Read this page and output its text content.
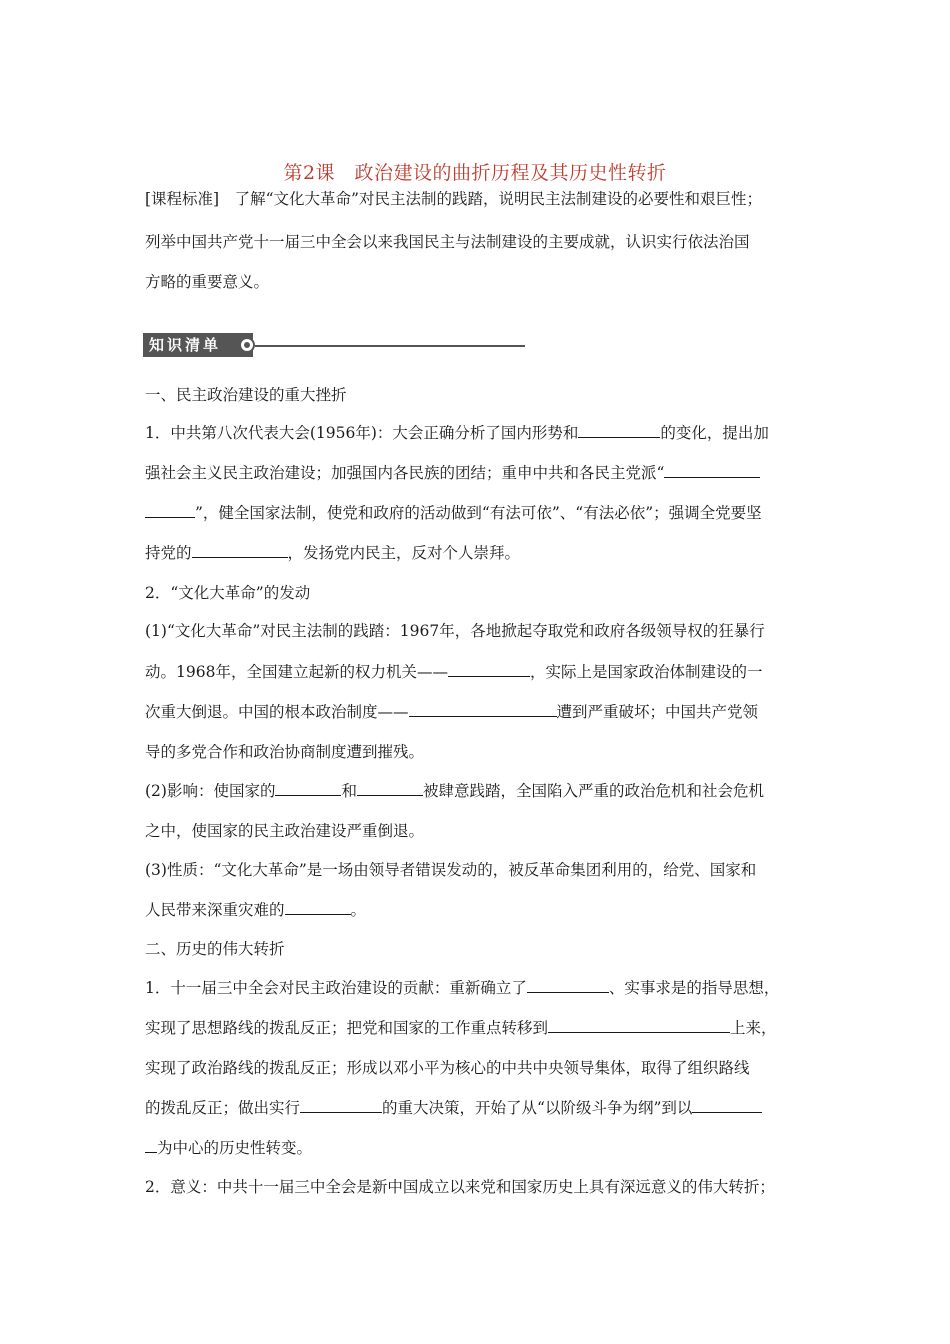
第2课　政治建设的曲折历程及其历史性转折
[课程标准]　了解“文化大革命”对民主法制的践踏，说明民主法制建设的必要性和艰巨性；
列举中国共产党十一届三中全会以来我国民主与法制建设的主要成就，认识实行依法治国
方略的重要意义。
知识清单
一、民主政治建设的重大挫折
1．中共第八次代表大会(1956年)：大会正确分析了国内形势和	的变化，提出加
强社会主义民主政治建设；加强国内各民族的团结；重申中共和各民主党派“
”，健全国家法制，使党和政府的活动做到“有法可依”、“有法必依”；强调全党要坚
持党的	，发扬党内民主，反对个人崇拜。
2．“文化大革命”的发动
(1)“文化大革命”对民主法制的践踏：1967年，各地掀起夺取党和政府各级领导权的狂暴行
动。1968年，全国建立起新的权力机关——	，实际上是国家政治体制建设的一
次重大倒退。中国的根本政治制度——	遭到严重破坏；中国共产党领
导的多党合作和政治协商制度遭到摧残。
(2)影响：使国家的	和	被肆意践踏，全国陷入严重的政治危机和社会危机
之中，使国家的民主政治建设严重倒退。
(3)性质：“文化大革命”是一场由领导者错误发动的，被反革命集团利用的，给党、国家和
人民带来深重灾难的	。
二、历史的伟大转折
1．十一届三中全会对民主政治建设的贡献：重新确立了	、实事求是的指导思想，
实现了思想路线的拨乱反正；把党和国家的工作重点转移到	上来，
实现了政治路线的拨乱反正；形成以邓小平为核心的中共中央领导集体，取得了组织路线
的拨乱反正；做出实行	的重大决策，开始了从“以阶级斗争为纲”到以
为中心的历史性转变。
2．意义：中共十一届三中全会是新中国成立以来党和国家历史上具有深远意义的伟大转折；
